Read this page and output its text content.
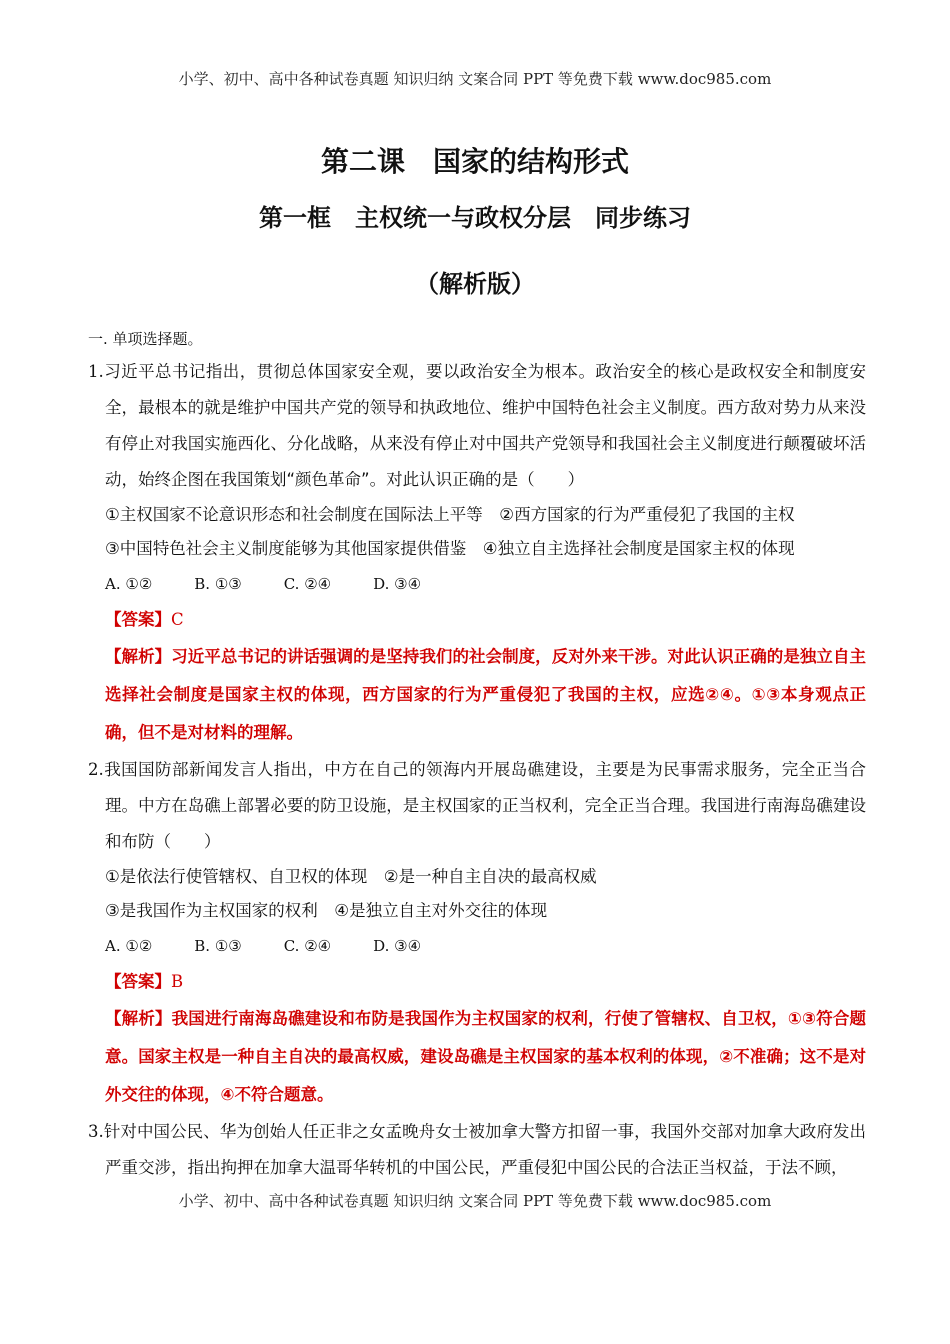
小学、初中、高中各种试卷真题 知识归纳 文案合同 PPT 等免费下载 www.doc985.com
第二课　国家的结构形式
第一框　主权统一与政权分层　同步练习
（解析版）
一. 单项选择题。
1.习近平总书记指出，贯彻总体国家安全观，要以政治安全为根本。政治安全的核心是政权安全和制度安全，最根本的就是维护中国共产党的领导和执政地位、维护中国特色社会主义制度。西方敌对势力从来没有停止对我国实施西化、分化战略，从来没有停止对中国共产党领导和我国社会主义制度进行颠覆破坏活动，始终企图在我国策划“颜色革命”。对此认识正确的是（　　）
①主权国家不论意识形态和社会制度在国际法上平等　②西方国家的行为严重侵犯了我国的主权
③中国特色社会主义制度能够为其他国家提供借鉴　④独立自主选择社会制度是国家主权的体现
A. ①②	B. ①③	C. ②④	D. ③④
【答案】C
【解析】习近平总书记的讲话强调的是坚持我们的社会制度，反对外来干涉。对此认识正确的是独立自主选择社会制度是国家主权的体现，西方国家的行为严重侵犯了我国的主权，应选②④。①③本身观点正确，但不是对材料的理解。
2.我国国防部新闻发言人指出，中方在自己的领海内开展岛礁建设，主要是为民事需求服务，完全正当合理。中方在岛礁上部署必要的防卫设施，是主权国家的正当权利，完全正当合理。我国进行南海岛礁建设和布防（　　）
①是依法行使管辖权、自卫权的体现　②是一种自主自决的最高权威
③是我国作为主权国家的权利　④是独立自主对外交往的体现
A. ①②	B. ①③	C. ②④	D. ③④
【答案】B
【解析】我国进行南海岛礁建设和布防是我国作为主权国家的权利，行使了管辖权、自卫权，①③符合题意。国家主权是一种自主自决的最高权威，建设岛礁是主权国家的基本权利的体现，②不准确；这不是对外交往的体现，④不符合题意。
3.针对中国公民、华为创始人任正非之女孟晚舟女士被加拿大警方扣留一事，我国外交部对加拿大政府发出严重交涉，指出拘押在加拿大温哥华转机的中国公民，严重侵犯中国公民的合法正当权益，于法不顾，
小学、初中、高中各种试卷真题 知识归纳 文案合同 PPT 等免费下载 www.doc985.com
